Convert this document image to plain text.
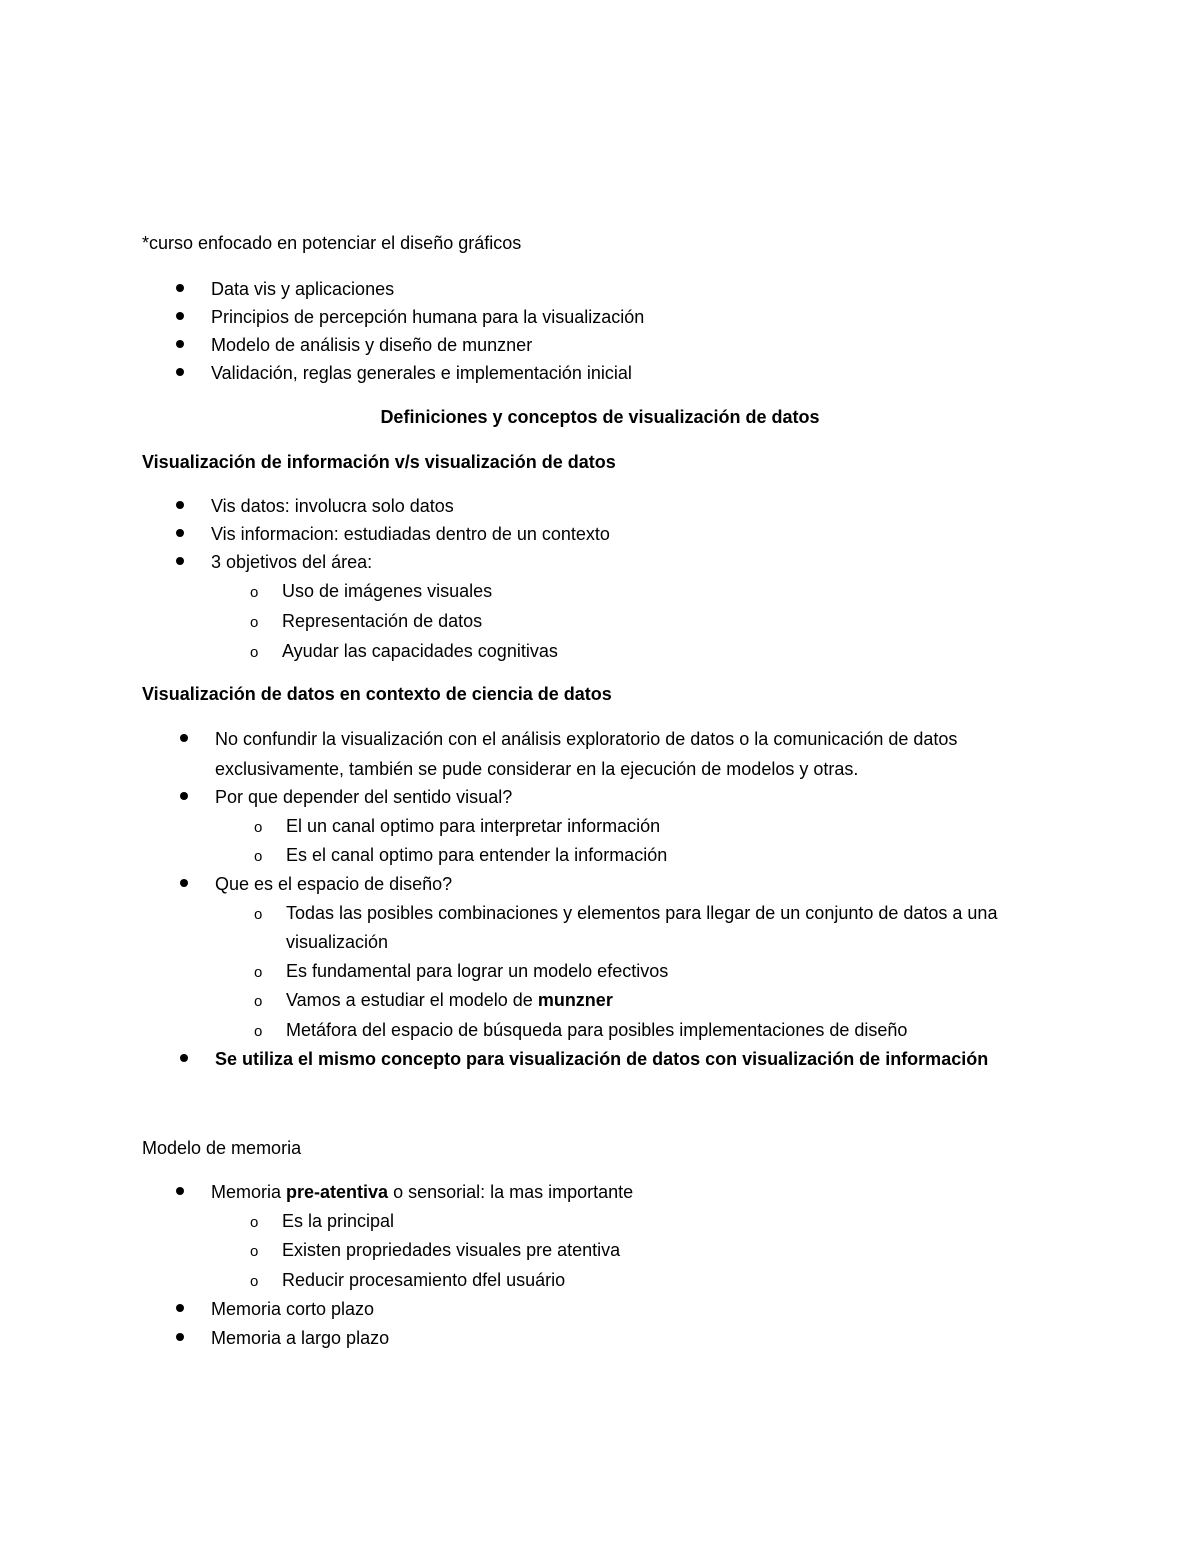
*curso enfocado en potenciar el diseño gráficos
Data vis y aplicaciones
Principios de percepción humana para la visualización
Modelo de análisis y diseño de munzner
Validación, reglas generales e implementación inicial
Definiciones y conceptos de visualización de datos
Visualización de información v/s visualización de datos
Vis datos: involucra solo datos
Vis informacion: estudiadas dentro de un contexto
3 objetivos del área:
o Uso de imágenes visuales
o Representación de datos
o Ayudar las capacidades cognitivas
Visualización de datos en contexto de ciencia de datos
No confundir la visualización con el análisis exploratorio de datos o la comunicación de datos
exclusivamente, también se pude considerar en la ejecución de modelos y otras.
Por que depender del sentido visual?
o El un canal optimo para interpretar información
o Es el canal optimo para entender la información
Que es el espacio de diseño?
o Todas las posibles combinaciones y elementos para llegar de un conjunto de datos a una
visualización
o Es fundamental para lograr un modelo efectivos
o Vamos a estudiar el modelo de munzner
o Metáfora del espacio de búsqueda para posibles implementaciones de diseño
Se utiliza el mismo concepto para visualización de datos con visualización de información
Modelo de memoria
Memoria pre-atentiva o sensorial: la mas importante
o Es la principal
o Existen propriedades visuales pre atentiva
o Reducir procesamiento dfel usuário
Memoria corto plazo
Memoria a largo plazo
